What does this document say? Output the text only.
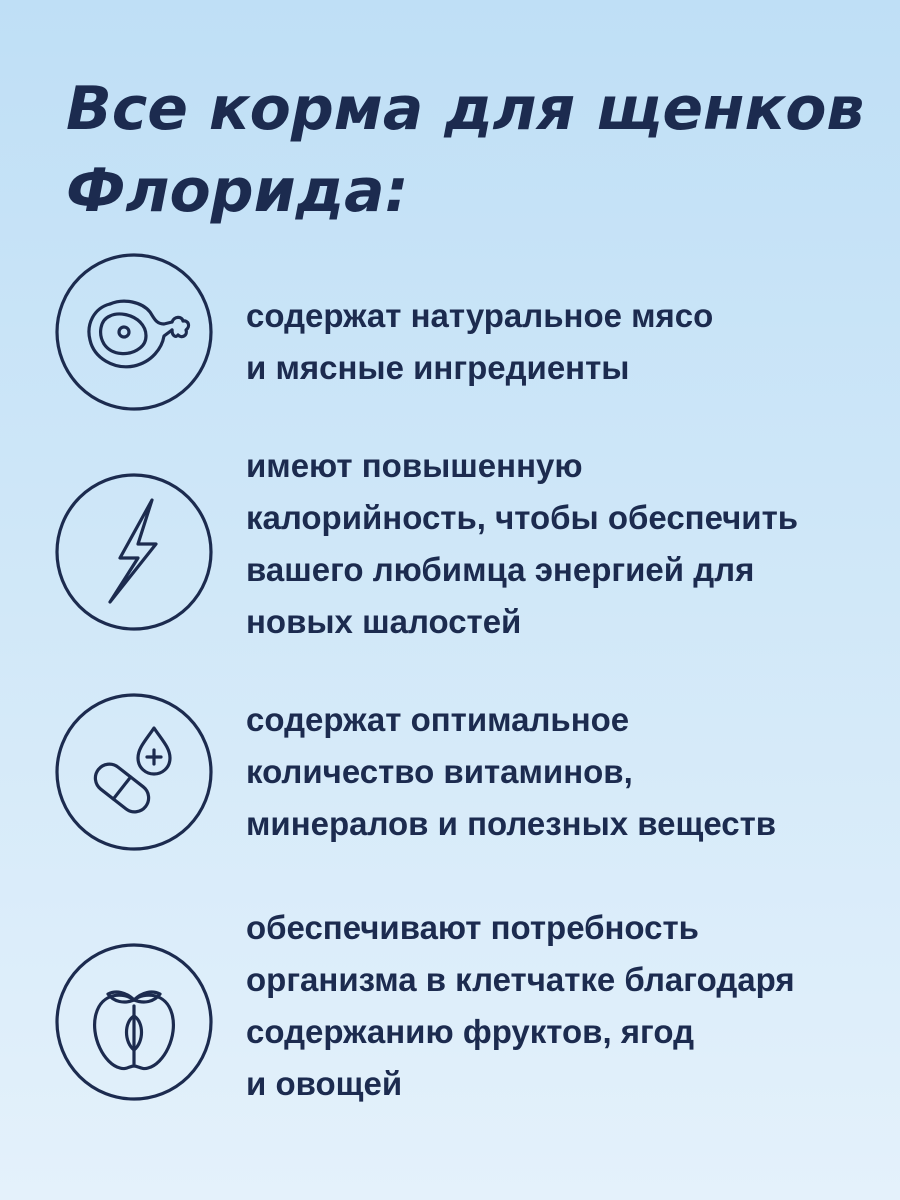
Все корма для щенков
Флорида:
содержат натуральное мясо
и мясные ингредиенты
имеют повышенную
калорийность, чтобы обеспечить
вашего любимца энергией для
новых шалостей
содержат оптимальное
количество витаминов,
минералов и полезных веществ
обеспечивают потребность
организма в клетчатке благодаря
содержанию фруктов, ягод
и овощей
